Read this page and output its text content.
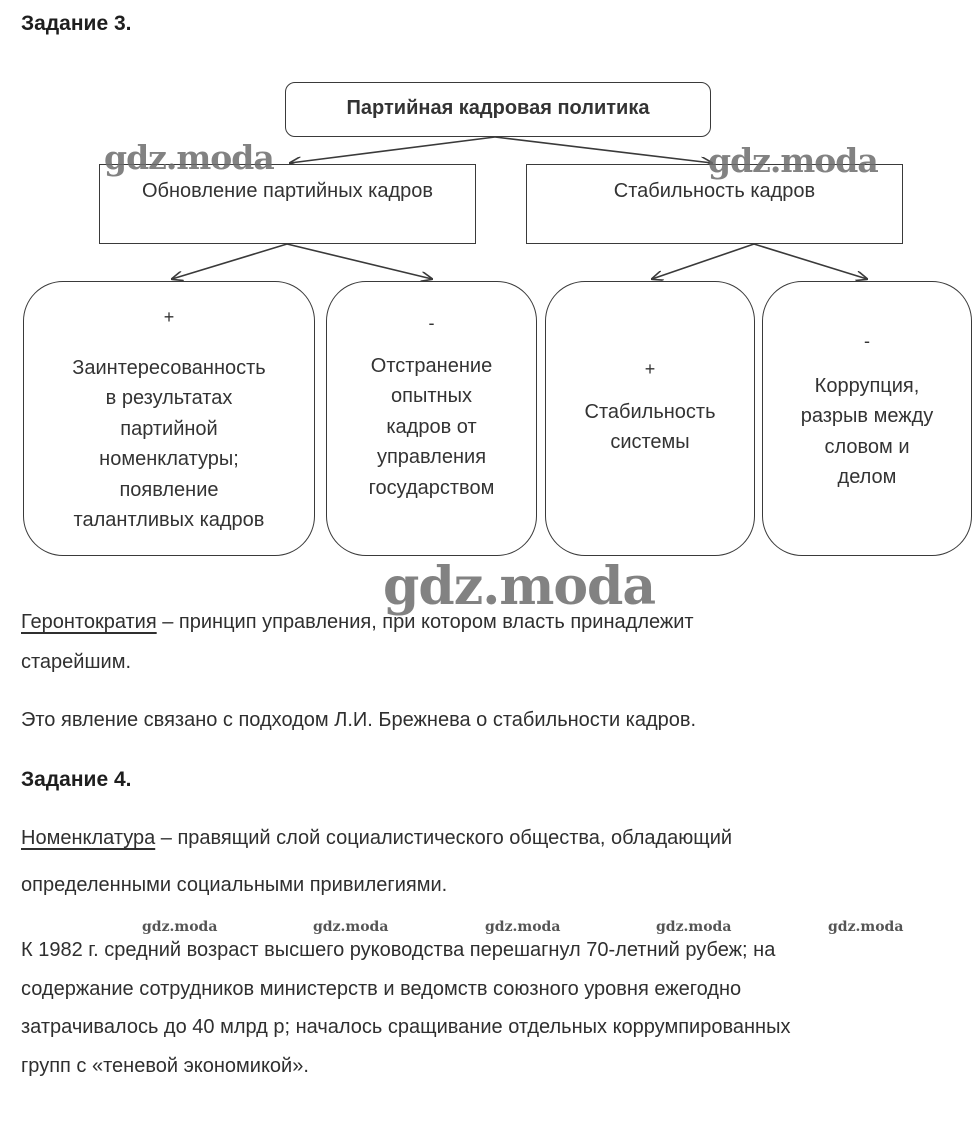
Задание 3.
Партийная кадровая политика
Обновление партийных кадров	Стабильность кадров
+
Заинтересованность
в результатах
партийной
номенклатуры;
появление
талантливых кадров
-
Отстранение
опытных
кадров от
управления
государством
+
Стабильность
системы
-
Коррупция,
разрыв между
словом и
делом
gdz.moda	gdz.moda
gdz.moda
Геронтократия – принцип управления, при котором власть принадлежит
старейшим.
Это явление связано с подходом Л.И. Брежнева о стабильности кадров.
Задание 4.
Номенклатура – правящий слой социалистического общества, обладающий
определенными социальными привилегиями.
gdz.moda	gdz.moda	gdz.moda	gdz.moda	gdz.moda
К 1982 г. средний возраст высшего руководства перешагнул 70-летний рубеж; на
содержание сотрудников министерств и ведомств союзного уровня ежегодно
затрачивалось до 40 млрд р; началось сращивание отдельных коррумпированных
групп с «теневой экономикой».
